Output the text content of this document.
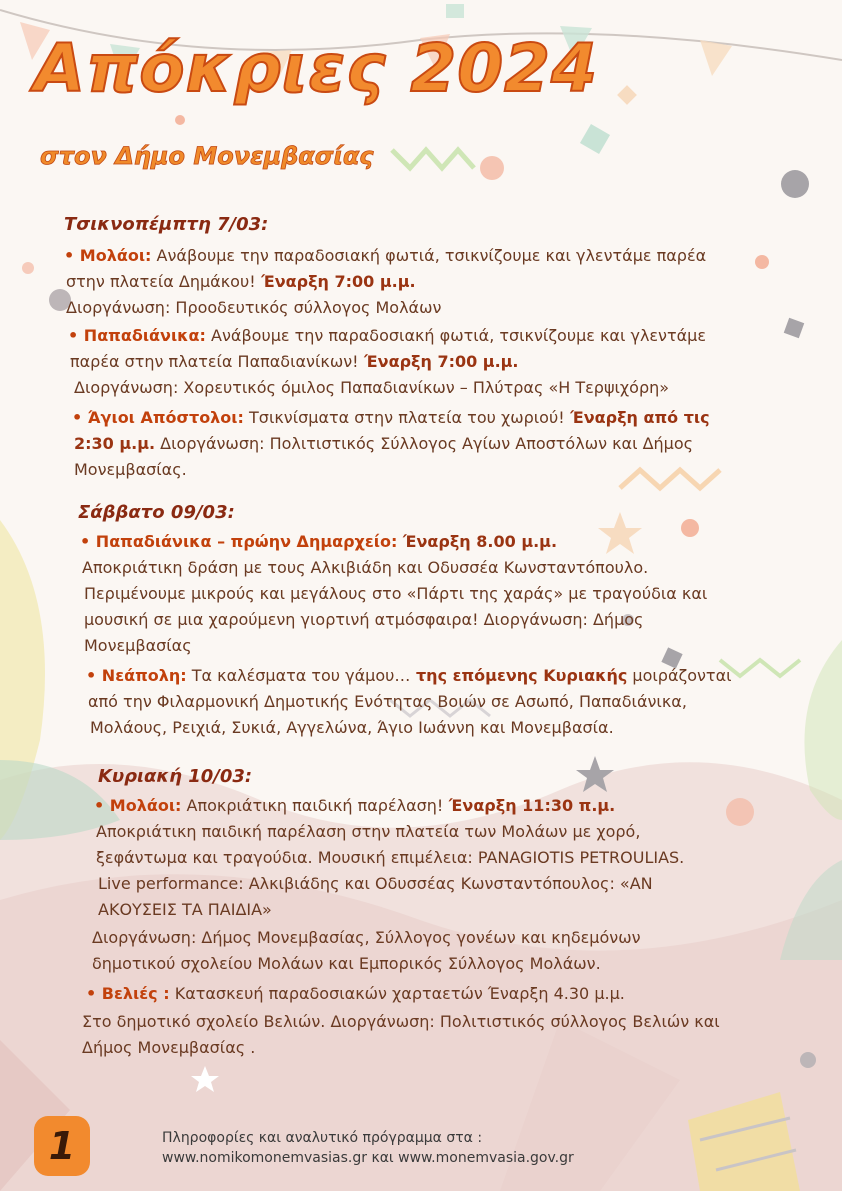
Απόκριες 2024
στον Δήμο Μονεμβασίας
Τσικνοπέμπτη 7/03:
• Μολάοι: Ανάβουμε την παραδοσιακή φωτιά, τσικνίζουμε και γλεντάμε παρέα
στην πλατεία Δημάκου! Έναρξη 7:00 μ.μ.
Διοργάνωση: Προοδευτικός σύλλογος Μολάων
• Παπαδιάνικα: Ανάβουμε την παραδοσιακή φωτιά, τσικνίζουμε και γλεντάμε
παρέα στην πλατεία Παπαδιανίκων! Έναρξη 7:00 μ.μ.
Διοργάνωση: Χορευτικός όμιλος Παπαδιανίκων – Πλύτρας «Η Τερψιχόρη»
• Άγιοι Απόστολοι: Τσικνίσματα στην πλατεία του χωριού! Έναρξη από τις
2:30 μ.μ. Διοργάνωση: Πολιτιστικός Σύλλογος Αγίων Αποστόλων και Δήμος
Μονεμβασίας.
Σάββατο 09/03:
• Παπαδιάνικα – πρώην Δημαρχείο: Έναρξη 8.00 μ.μ.
Αποκριάτικη δράση με τους Αλκιβιάδη και Οδυσσέα Κωνσταντόπουλο.
Περιμένουμε μικρούς και μεγάλους στο «Πάρτι της χαράς» με τραγούδια και
μουσική σε μια χαρούμενη γιορτινή ατμόσφαιρα! Διοργάνωση: Δήμος
Μονεμβασίας
• Νεάπολη: Τα καλέσματα του γάμου… της επόμενης Κυριακής μοιράζονται
από την Φιλαρμονική Δημοτικής Ενότητας Βοιών σε Ασωπό, Παπαδιάνικα,
Μολάους, Ρειχιά, Συκιά, Αγγελώνα, Άγιο Ιωάννη και Μονεμβασία.
Κυριακή 10/03:
• Μολάοι: Αποκριάτικη παιδική παρέλαση! Έναρξη 11:30 π.μ.
Αποκριάτικη παιδική παρέλαση στην πλατεία των Μολάων με χορό,
ξεφάντωμα και τραγούδια. Μουσική επιμέλεια: PANAGIOTIS PETROULIAS.
Live performance: Αλκιβιάδης και Οδυσσέας Κωνσταντόπουλος: «ΑΝ
ΑΚΟΥΣΕΙΣ ΤΑ ΠΑΙΔΙΑ»
Διοργάνωση: Δήμος Μονεμβασίας, Σύλλογος γονέων και κηδεμόνων
δημοτικού σχολείου Μολάων και Εμπορικός Σύλλογος Μολάων.
• Βελιές : Κατασκευή παραδοσιακών χαρταετών Έναρξη 4.30 μ.μ.
Στο δημοτικό σχολείο Βελιών. Διοργάνωση: Πολιτιστικός σύλλογος Βελιών και
Δήμος Μονεμβασίας .
1	Πληροφορίες και αναλυτικό πρόγραμμα στα :
www.nomikomonemvasias.gr και www.monemvasia.gov.gr
